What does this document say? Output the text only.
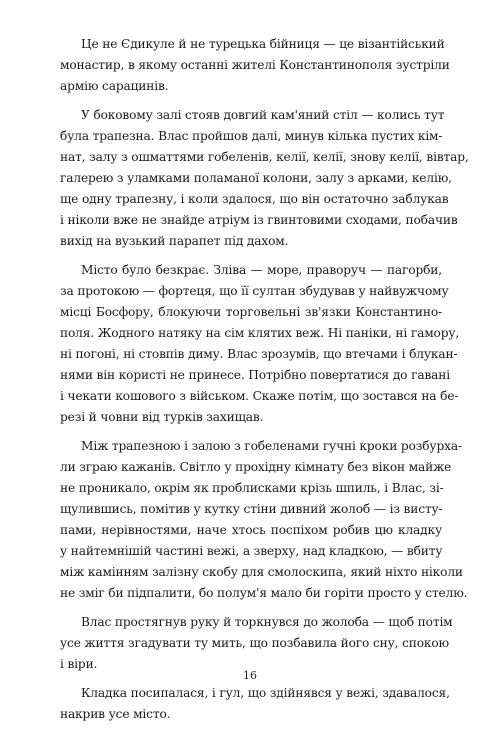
Це не Єдикуле й не турецька бійниця — це візантійський
монастир, в якому останні жителі Константинополя зустріли
армію сарацинів.
У боковому залі стояв довгий кам'яний стіл — колись тут
була трапезна. Влас пройшов далі, минув кілька пустих кім-
нат, залу з ошматтями гобеленів, келії, келії, знову келії, вівтар,
галерею з уламками поламаної колони, залу з арками, келію,
ще одну трапезну, і коли здалося, що він остаточно заблукав
і ніколи вже не знайде атріум із гвинтовими сходами, побачив
вихід на вузький парапет під дахом.
Місто було безкрає. Зліва — море, праворуч — пагорби,
за протокою — фортеця, що її султан збудував у найвужчому
місці Босфору, блокуючи торговельні зв'язки Константино-
поля. Жодного натяку на сім клятих веж. Ні паніки, ні гамору,
ні погоні, ні стовпів диму. Влас зрозумів, що втечами і блукан-
нями він користі не принесе. Потрібно повертатися до гавані
і чекати кошового з військом. Скаже потім, що зостався на бе-
резі й човни від турків захищав.
Між трапезною і залою з гобеленами гучні кроки розбурха-
ли зграю кажанів. Світло у прохідну кімнату без вікон майже
не проникало, окрім як проблисками крізь шпиль, і Влас, зі-
щулившись, помітив у кутку стіни дивний жолоб — із висту-
пами, нерівностями, наче хтось поспіхом робив цю кладку
у найтемнішій частині вежі, а зверху, над кладкою, — вбиту
між камінням залізну скобу для смолоскипа, який ніхто ніколи
не зміг би підпалити, бо полум'я мало би горіти просто у стелю.
Влас простягнув руку й торкнувся до жолоба — щоб потім
усе життя згадувати ту мить, що позбавила його сну, спокою
і віри.
Кладка посипалася, і гул, що здійнявся у вежі, здавалося,
накрив усе місто.
16
